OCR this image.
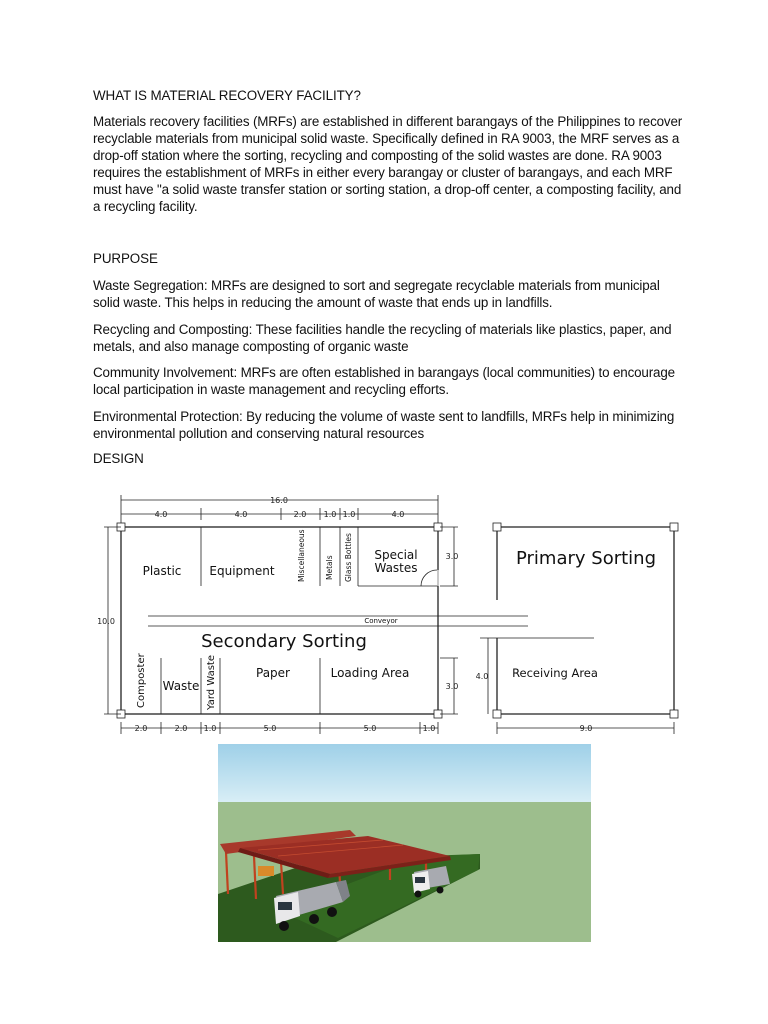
WHAT IS MATERIAL RECOVERY FACILITY?
Materials recovery facilities (MRFs) are established in different barangays of the Philippines to recover recyclable materials from municipal solid waste. Specifically defined in RA 9003, the MRF serves as a drop-off station where the sorting, recycling and composting of the solid wastes are done. RA 9003 requires the establishment of MRFs in either every barangay or cluster of barangays, and each MRF must have "a solid waste transfer station or sorting station, a drop-off center, a composting facility, and a recycling facility.
PURPOSE
Waste Segregation: MRFs are designed to sort and segregate recyclable materials from municipal solid waste. This helps in reducing the amount of waste that ends up in landfills.
Recycling and Composting: These facilities handle the recycling of materials like plastics, paper, and metals, and also manage composting of organic waste
Community Involvement: MRFs are often established in barangays (local communities) to encourage local participation in waste management and recycling efforts.
Environmental Protection: By reducing the volume of waste sent to landfills, MRFs help in minimizing environmental pollution and conserving natural resources
DESIGN
16.0
4.0	4.0	2.0 1.0 1.0	4.0
10.0
3.0
3.0
4.0
2.0	2.0 1.0	5.0	5.0	1.0	9.0
Plastic Equipment	Miscellaneous	Metals Glass Bottles Special
Wastes
Conveyor
Secondary Sorting
Composter Waste Yard Waste	Paper	Loading Area
Primary Sorting
Receiving Area
